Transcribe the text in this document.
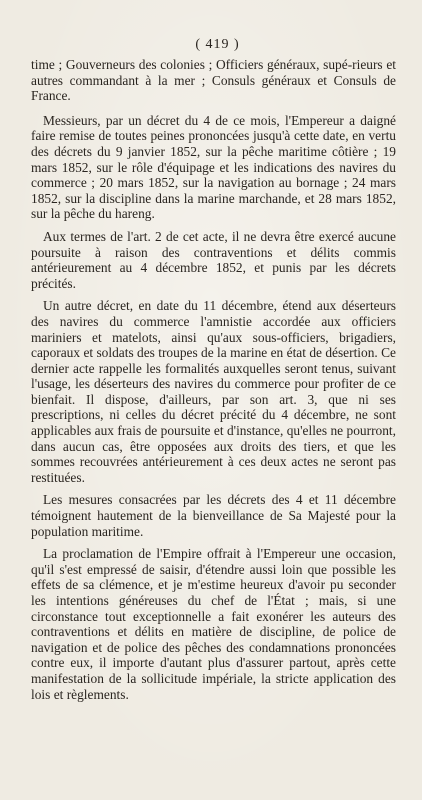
( 419 )

time ; Gouverneurs des colonies ; Officiers généraux, supé-rieurs et autres commandant à la mer ; Consuls généraux et Consuls de France.

Messieurs, par un décret du 4 de ce mois, l'Empereur a daigné faire remise de toutes peines prononcées jusqu'à cette date, en vertu des décrets du 9 janvier 1852, sur la pêche maritime côtière ; 19 mars 1852, sur le rôle d'équipage et les indications des navires du commerce ; 20 mars 1852, sur la navigation au bornage ; 24 mars 1852, sur la discipline dans la marine marchande, et 28 mars 1852, sur la pêche du hareng.

Aux termes de l'art. 2 de cet acte, il ne devra être exercé aucune poursuite à raison des contraventions et délits commis antérieurement au 4 décembre 1852, et punis par les décrets précités.

Un autre décret, en date du 11 décembre, étend aux déserteurs des navires du commerce l'amnistie accordée aux officiers mariniers et matelots, ainsi qu'aux sous-officiers, brigadiers, caporaux et soldats des troupes de la marine en état de désertion. Ce dernier acte rappelle les formalités auxquelles seront tenus, suivant l'usage, les déserteurs des navires du commerce pour profiter de ce bienfait. Il dispose, d'ailleurs, par son art. 3, que ni ses prescriptions, ni celles du décret précité du 4 décembre, ne sont applicables aux frais de poursuite et d'instance, qu'elles ne pourront, dans aucun cas, être opposées aux droits des tiers, et que les sommes recouvrées antérieurement à ces deux actes ne seront pas restituées.

Les mesures consacrées par les décrets des 4 et 11 décembre témoignent hautement de la bienveillance de Sa Majesté pour la population maritime.

La proclamation de l'Empire offrait à l'Empereur une occasion, qu'il s'est empressé de saisir, d'étendre aussi loin que possible les effets de sa clémence, et je m'estime heureux d'avoir pu seconder les intentions généreuses du chef de l'État ; mais, si une circonstance tout exceptionnelle a fait exonérer les auteurs des contraventions et délits en matière de discipline, de police de navigation et de police des pêches des condamnations prononcées contre eux, il importe d'autant plus d'assurer partout, après cette manifestation de la sollicitude impériale, la stricte application des lois et règlements.
